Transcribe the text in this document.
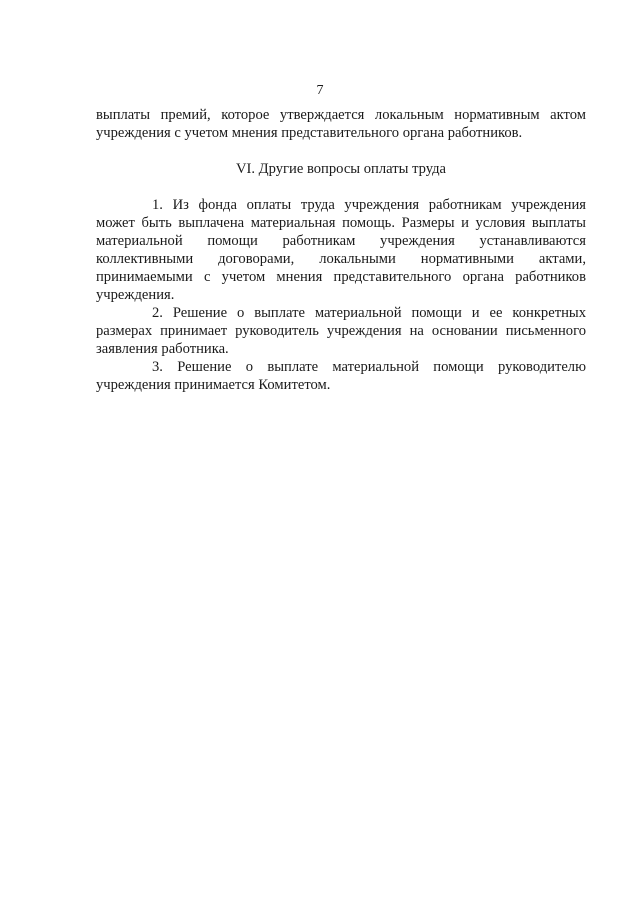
7

выплаты премий, которое утверждается локальным нормативным актом учреждения с учетом мнения представительного органа работников.

VI. Другие вопросы оплаты труда

1. Из фонда оплаты труда учреждения работникам учреждения может быть выплачена материальная помощь. Размеры и условия выплаты материальной помощи работникам учреждения устанавливаются коллективными договорами, локальными нормативными актами, принимаемыми с учетом мнения представительного органа работников учреждения.

2. Решение о выплате материальной помощи и ее конкретных размерах принимает руководитель учреждения на основании письменного заявления работника.

3. Решение о выплате материальной помощи руководителю учреждения принимается Комитетом.
